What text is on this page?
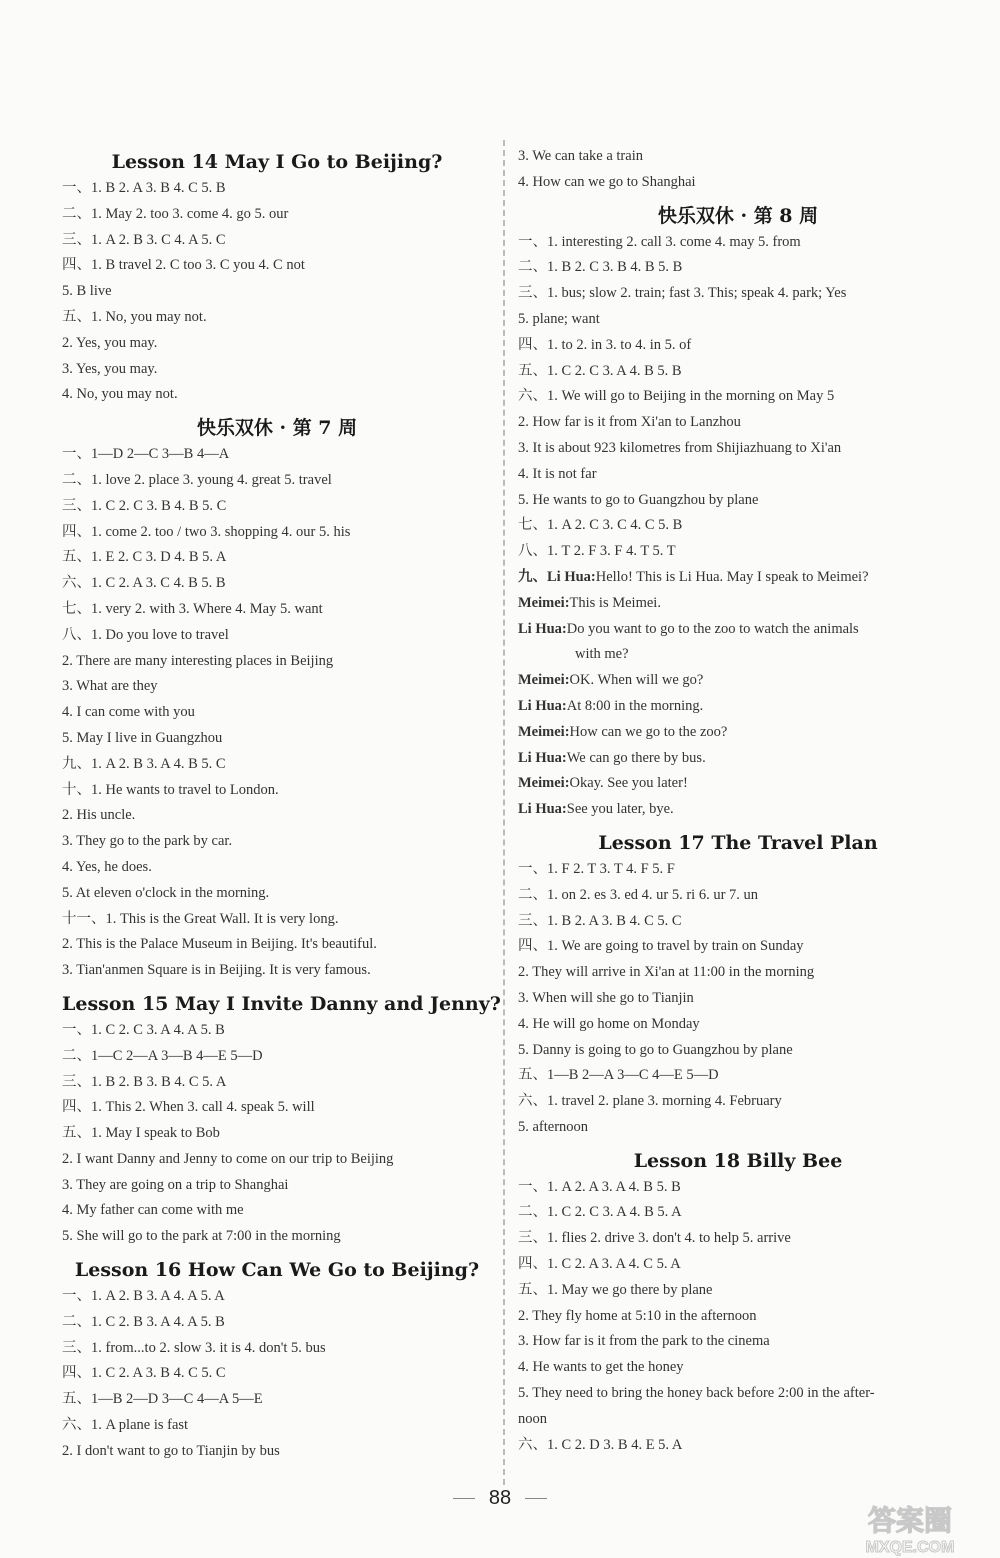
Lesson 14 May I Go to Beijing?
一、1. B 2. A 3. B 4. C 5. B
二、1. May 2. too 3. come 4. go 5. our
三、1. A 2. B 3. C 4. A 5. C
四、1. B travel 2. C too 3. C you 4. C not
5. B live
五、1. No, you may not.
2. Yes, you may.
3. Yes, you may.
4. No, you may not.
快乐双休 · 第 7 周
一、1—D 2—C 3—B 4—A
二、1. love 2. place 3. young 4. great 5. travel
三、1. C 2. C 3. B 4. B 5. C
四、1. come 2. too / two 3. shopping 4. our 5. his
五、1. E 2. C 3. D 4. B 5. A
六、1. C 2. A 3. C 4. B 5. B
七、1. very 2. with 3. Where 4. May 5. want
八、1. Do you love to travel
2. There are many interesting places in Beijing
3. What are they
4. I can come with you
5. May I live in Guangzhou
九、1. A 2. B 3. A 4. B 5. C
十、1. He wants to travel to London.
2. His uncle.
3. They go to the park by car.
4. Yes, he does.
5. At eleven o'clock in the morning.
十一、1. This is the Great Wall. It is very long.
2. This is the Palace Museum in Beijing. It's beautiful.
3. Tian'anmen Square is in Beijing. It is very famous.
Lesson 15 May I Invite Danny and Jenny?
一、1. C 2. C 3. A 4. A 5. B
二、1—C 2—A 3—B 4—E 5—D
三、1. B 2. B 3. B 4. C 5. A
四、1. This 2. When 3. call 4. speak 5. will
五、1. May I speak to Bob
2. I want Danny and Jenny to come on our trip to Beijing
3. They are going on a trip to Shanghai
4. My father can come with me
5. She will go to the park at 7:00 in the morning
Lesson 16 How Can We Go to Beijing?
一、1. A 2. B 3. A 4. A 5. A
二、1. C 2. B 3. A 4. A 5. B
三、1. from...to 2. slow 3. it is 4. don't 5. bus
四、1. C 2. A 3. B 4. C 5. C
五、1—B 2—D 3—C 4—A 5—E
六、1. A plane is fast
2. I don't want to go to Tianjin by bus
3. We can take a train
4. How can we go to Shanghai
快乐双休 · 第 8 周
一、1. interesting 2. call 3. come 4. may 5. from
二、1. B 2. C 3. B 4. B 5. B
三、1. bus; slow 2. train; fast 3. This; speak 4. park; Yes
5. plane; want
四、1. to 2. in 3. to 4. in 5. of
五、1. C 2. C 3. A 4. B 5. B
六、1. We will go to Beijing in the morning on May 5
2. How far is it from Xi'an to Lanzhou
3. It is about 923 kilometres from Shijiazhuang to Xi'an
4. It is not far
5. He wants to go to Guangzhou by plane
七、1. A 2. C 3. C 4. C 5. B
八、1. T 2. F 3. F 4. T 5. T
九、Li Hua:Hello! This is Li Hua. May I speak to Meimei?
Meimei:This is Meimei.
Li Hua:Do you want to go to the zoo to watch the animals
with me?
Meimei:OK. When will we go?
Li Hua:At 8:00 in the morning.
Meimei:How can we go to the zoo?
Li Hua:We can go there by bus.
Meimei:Okay. See you later!
Li Hua:See you later, bye.
Lesson 17 The Travel Plan
一、1. F 2. T 3. T 4. F 5. F
二、1. on 2. es 3. ed 4. ur 5. ri 6. ur 7. un
三、1. B 2. A 3. B 4. C 5. C
四、1. We are going to travel by train on Sunday
2. They will arrive in Xi'an at 11:00 in the morning
3. When will she go to Tianjin
4. He will go home on Monday
5. Danny is going to go to Guangzhou by plane
五、1—B 2—A 3—C 4—E 5—D
六、1. travel 2. plane 3. morning 4. February
5. afternoon
Lesson 18 Billy Bee
一、1. A 2. A 3. A 4. B 5. B
二、1. C 2. C 3. A 4. B 5. A
三、1. flies 2. drive 3. don't 4. to help 5. arrive
四、1. C 2. A 3. A 4. C 5. A
五、1. May we go there by plane
2. They fly home at 5:10 in the afternoon
3. How far is it from the park to the cinema
4. He wants to get the honey
5. They need to bring the honey back before 2:00 in the after-
noon
六、1. C 2. D 3. B 4. E 5. A
88
答案圈
MXQE.COM
